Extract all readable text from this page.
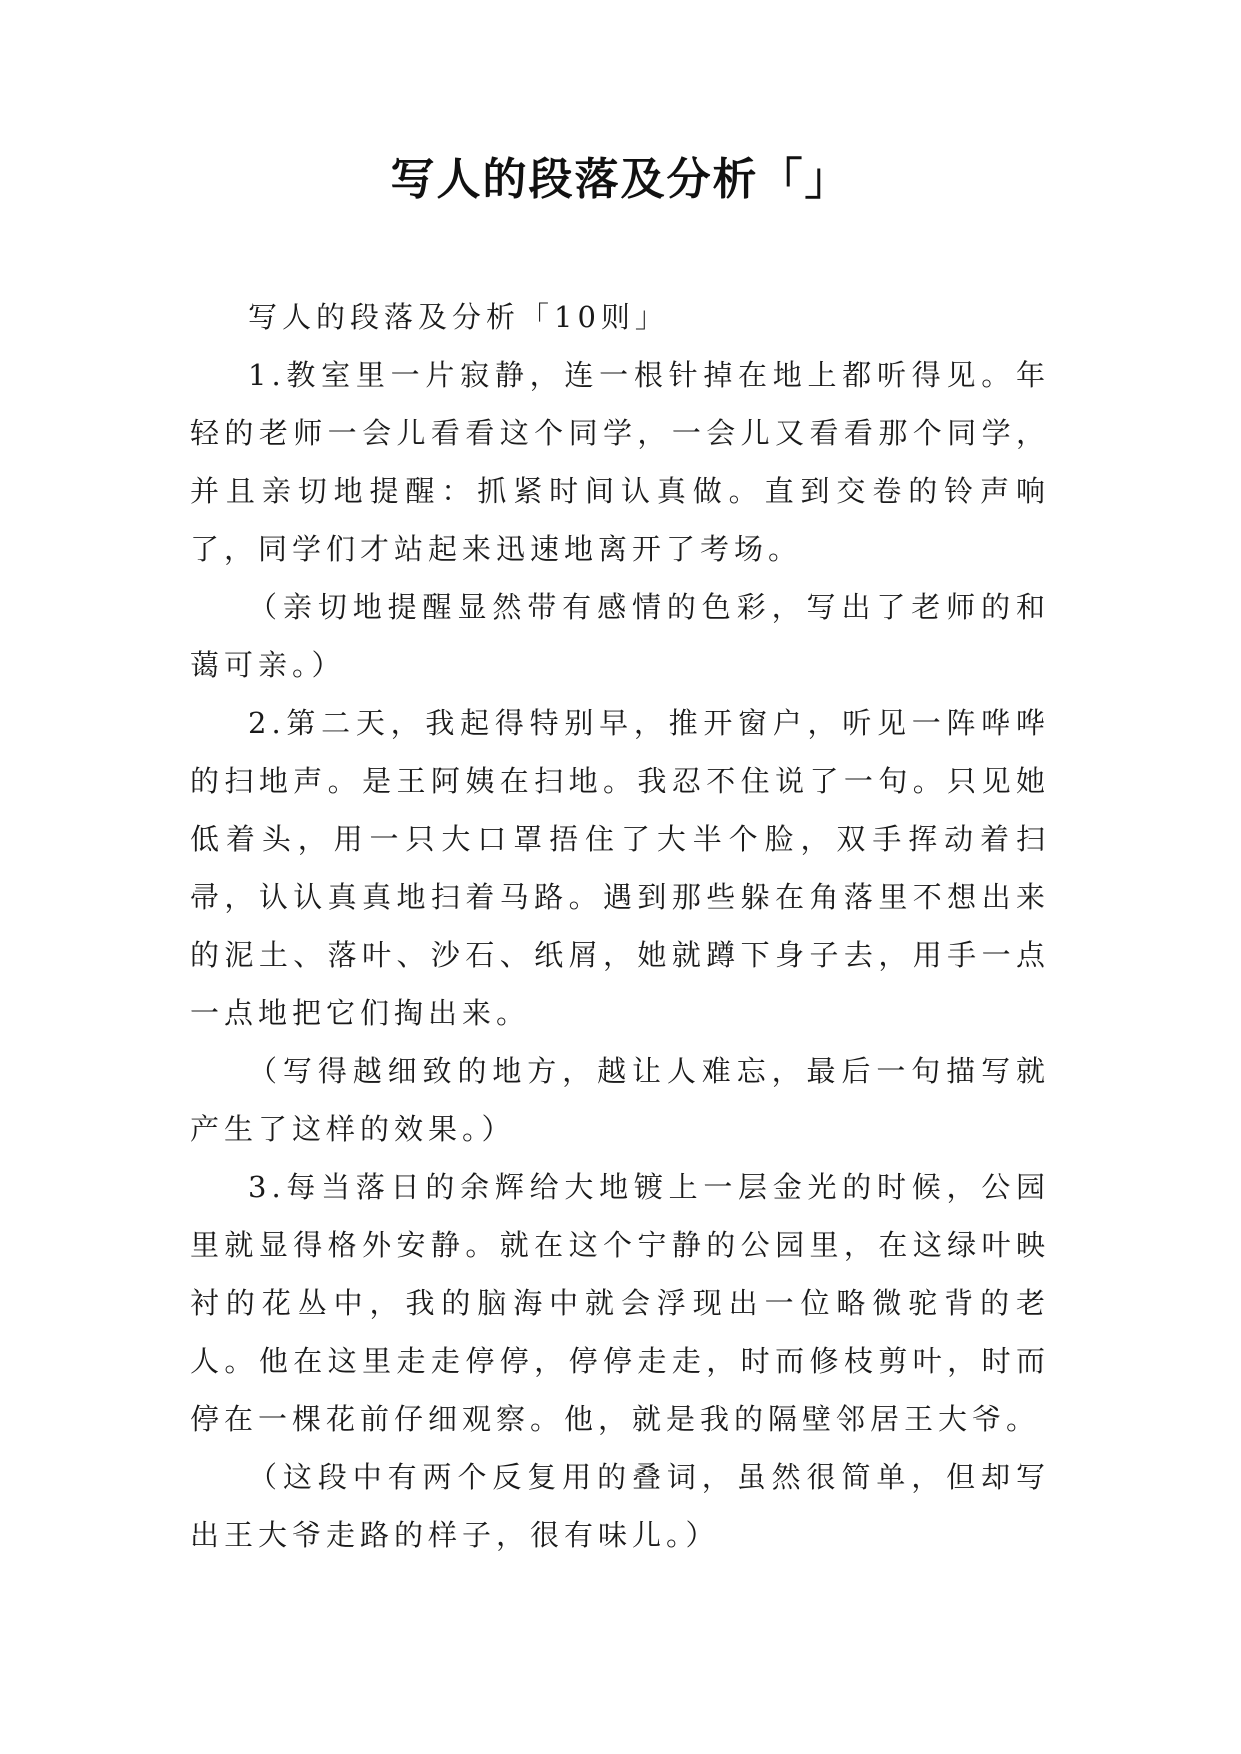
写人的段落及分析「」

写人的段落及分析「10则」

1.教室里一片寂静，连一根针掉在地上都听得见。年轻的老师一会儿看看这个同学，一会儿又看看那个同学，并且亲切地提醒：抓紧时间认真做。直到交卷的铃声响了，同学们才站起来迅速地离开了考场。

（亲切地提醒显然带有感情的色彩，写出了老师的和蔼可亲。）

2.第二天，我起得特别早，推开窗户，听见一阵哗哗的扫地声。是王阿姨在扫地。我忍不住说了一句。只见她低着头，用一只大口罩捂住了大半个脸，双手挥动着扫帚，认认真真地扫着马路。遇到那些躲在角落里不想出来的泥土、落叶、沙石、纸屑，她就蹲下身子去，用手一点一点地把它们掏出来。

（写得越细致的地方，越让人难忘，最后一句描写就产生了这样的效果。）

3.每当落日的余辉给大地镀上一层金光的时候，公园里就显得格外安静。就在这个宁静的公园里，在这绿叶映衬的花丛中，我的脑海中就会浮现出一位略微驼背的老人。他在这里走走停停，停停走走，时而修枝剪叶，时而停在一棵花前仔细观察。他，就是我的隔壁邻居王大爷。

（这段中有两个反复用的叠词，虽然很简单，但却写出王大爷走路的样子，很有味儿。）
